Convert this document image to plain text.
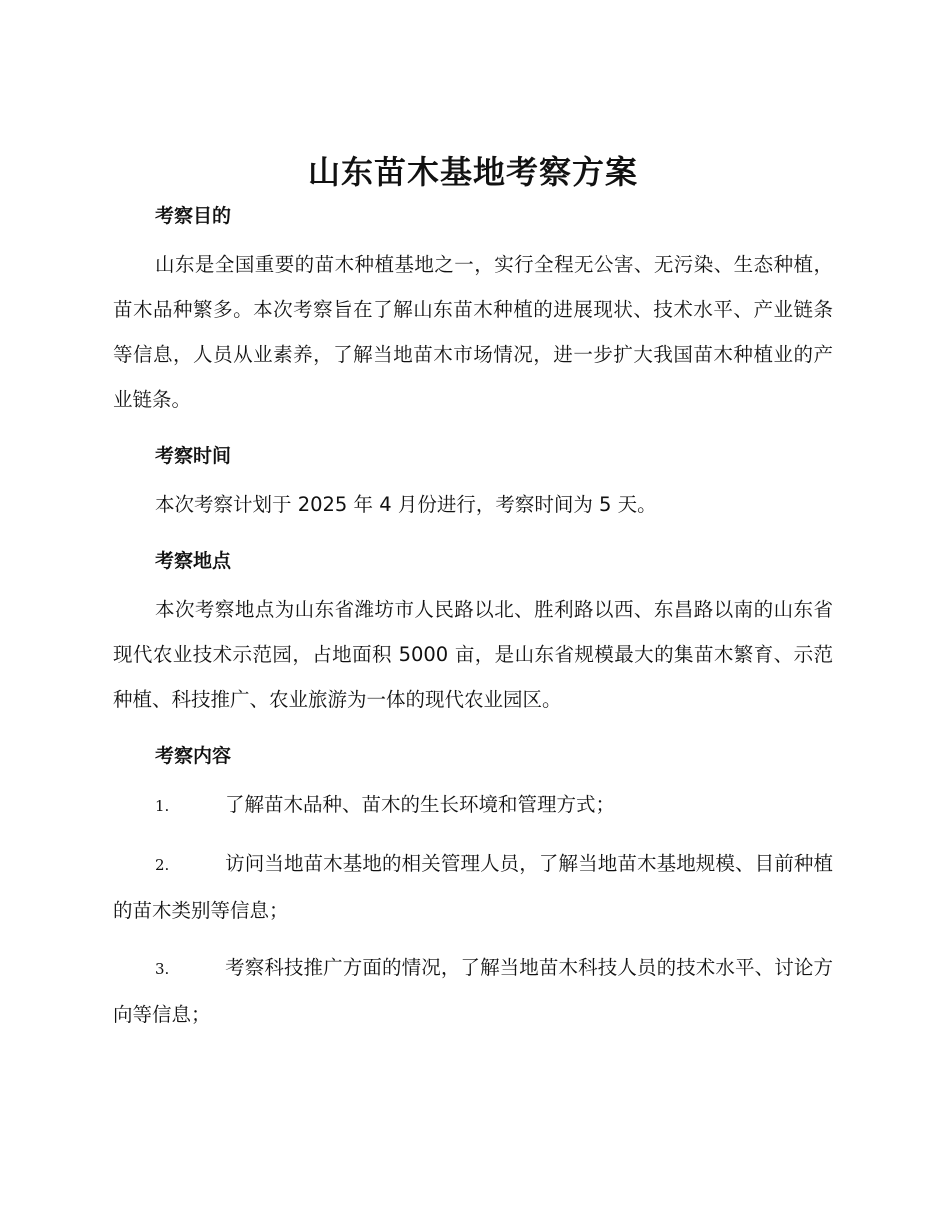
山东苗木基地考察方案
考察目的

山东是全国重要的苗木种植基地之一，实行全程无公害、无污染、生态种植，苗木品种繁多。本次考察旨在了解山东苗木种植的进展现状、技术水平、产业链条等信息，人员从业素养，了解当地苗木市场情况，进一步扩大我国苗木种植业的产业链条。

考察时间

本次考察计划于 2025 年 4 月份进行，考察时间为 5 天。

考察地点

本次考察地点为山东省潍坊市人民路以北、胜利路以西、东昌路以南的山东省现代农业技术示范园，占地面积 5000 亩，是山东省规模最大的集苗木繁育、示范种植、科技推广、农业旅游为一体的现代农业园区。

考察内容

1.	了解苗木品种、苗木的生长环境和管理方式；

2.	访问当地苗木基地的相关管理人员，了解当地苗木基地规模、目前种植的苗木类别等信息；

3.	考察科技推广方面的情况，了解当地苗木科技人员的技术水平、讨论方向等信息；
